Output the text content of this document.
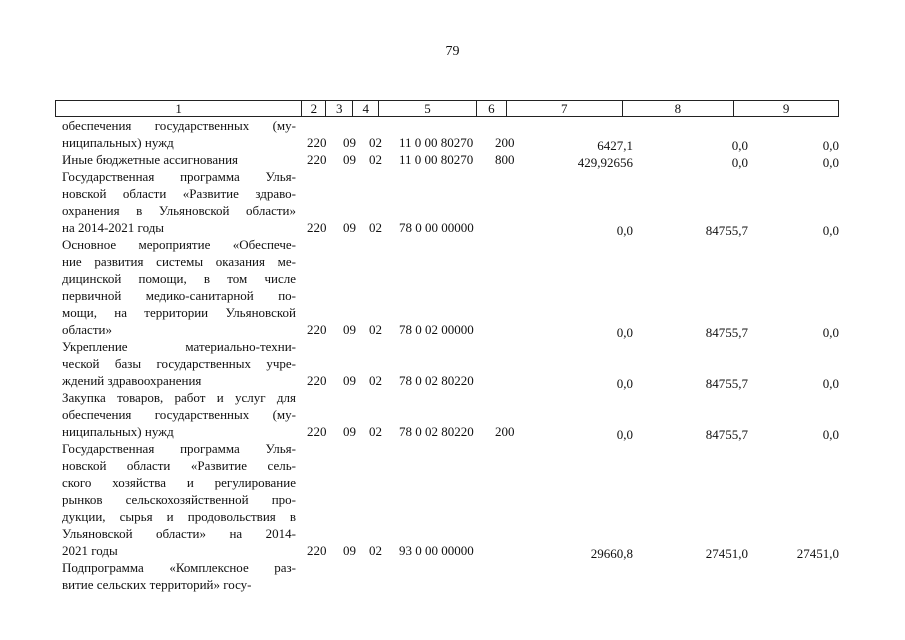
79
1	2	3	4	5	6	7	8	9
обеспечения государственных (му-
ниципальных) нужд	220 09 02 11 0 00 80270 200	6427,1	0,0	0,0
Иные бюджетные ассигнования	220 09 02 11 0 00 80270 800	429,92656	0,0	0,0
Государственная программа Улья-
новской области «Развитие здраво-
охранения в Ульяновской области»
на 2014-2021 годы	220 09 02 78 0 00 00000	0,0	84755,7	0,0
Основное мероприятие «Обеспече-
ние развития системы оказания ме-
дицинской помощи, в том числе
первичной медико-санитарной по-
мощи, на территории Ульяновской
области»	220 09 02 78 0 02 00000	0,0	84755,7	0,0
Укрепление материально-техни-
ческой базы государственных учре-
ждений здравоохранения	220 09 02 78 0 02 80220	0,0	84755,7	0,0
Закупка товаров, работ и услуг для
обеспечения государственных (му-
ниципальных) нужд	220 09 02 78 0 02 80220 200	0,0	84755,7	0,0
Государственная программа Улья-
новской области «Развитие сель-
ского хозяйства и регулирование
рынков сельскохозяйственной про-
дукции, сырья и продовольствия в
Ульяновской области» на 2014-
2021 годы	220 09 02 93 0 00 00000	29660,8	27451,0	27451,0
Подпрограмма «Комплексное раз-
витие сельских территорий» госу-
